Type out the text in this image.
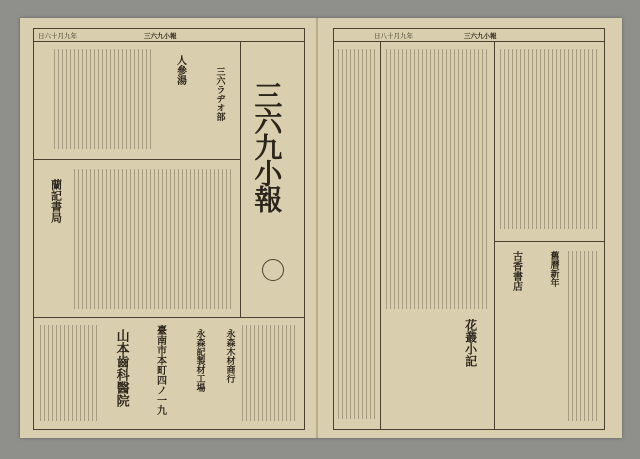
日六十月九年	三六九小報
三六九小報
三六ラヂオ部
人參湯
蘭記書局
山本齒科醫院	臺南市本町四ノ一九	永森記製材工場 永森木材商行
日八十月九年	三六九小報
花叢小記
古香書店	舊曆新年
